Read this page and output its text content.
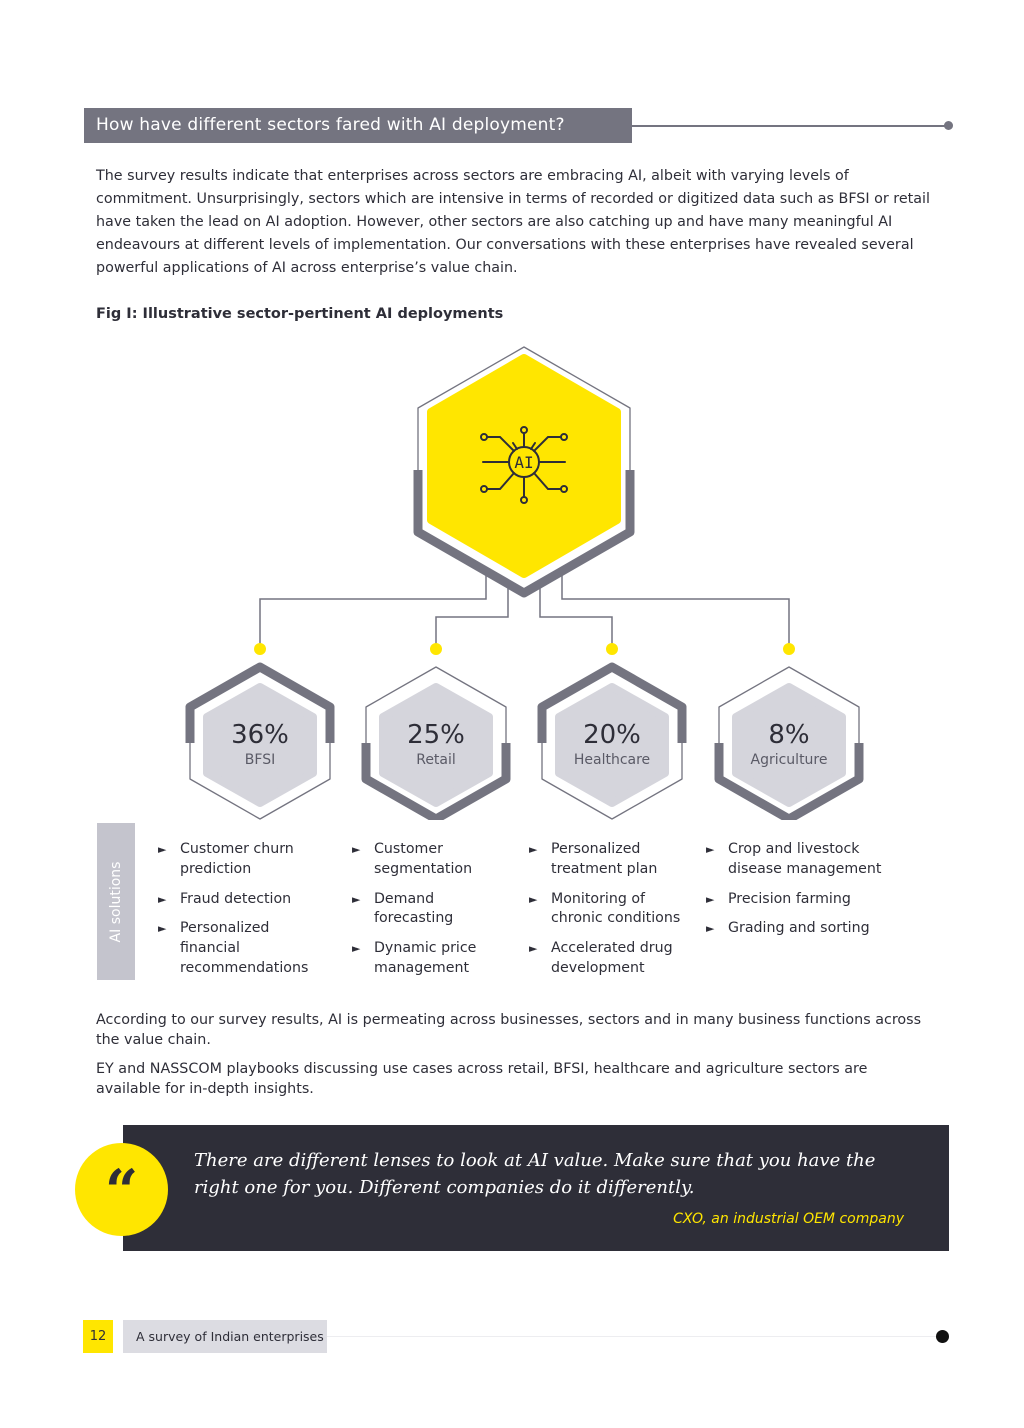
How have different sectors fared with AI deployment?

The survey results indicate that enterprises across sectors are embracing AI, albeit with varying levels of commitment. Unsurprisingly, sectors which are intensive in terms of recorded or digitized data such as BFSI or retail have taken the lead on AI adoption. However, other sectors are also catching up and have many meaningful AI endeavours at different levels of implementation. Our conversations with these enterprises have revealed several powerful applications of AI across enterprise’s value chain.

Fig I: Illustrative sector-pertinent AI deployments

AI
36%
BFSI
25%
Retail
20%
Healthcare
8%
Agriculture
AI solutions
► Customer churn prediction
► Fraud detection
► Personalized financial recommendations
► Customer segmentation
► Demand forecasting
► Dynamic price management
► Personalized treatment plan
► Monitoring of chronic conditions
► Accelerated drug development
► Crop and livestock disease management
► Precision farming
► Grading and sorting

According to our survey results, AI is permeating across businesses, sectors and in many business functions across the value chain.

EY and NASSCOM playbooks discussing use cases across retail, BFSI, healthcare and agriculture sectors are available for in-depth insights.

“	There are different lenses to look at AI value. Make sure that you have the right one for you. Different companies do it differently.

CXO, an industrial OEM company

12	A survey of Indian enterprises
